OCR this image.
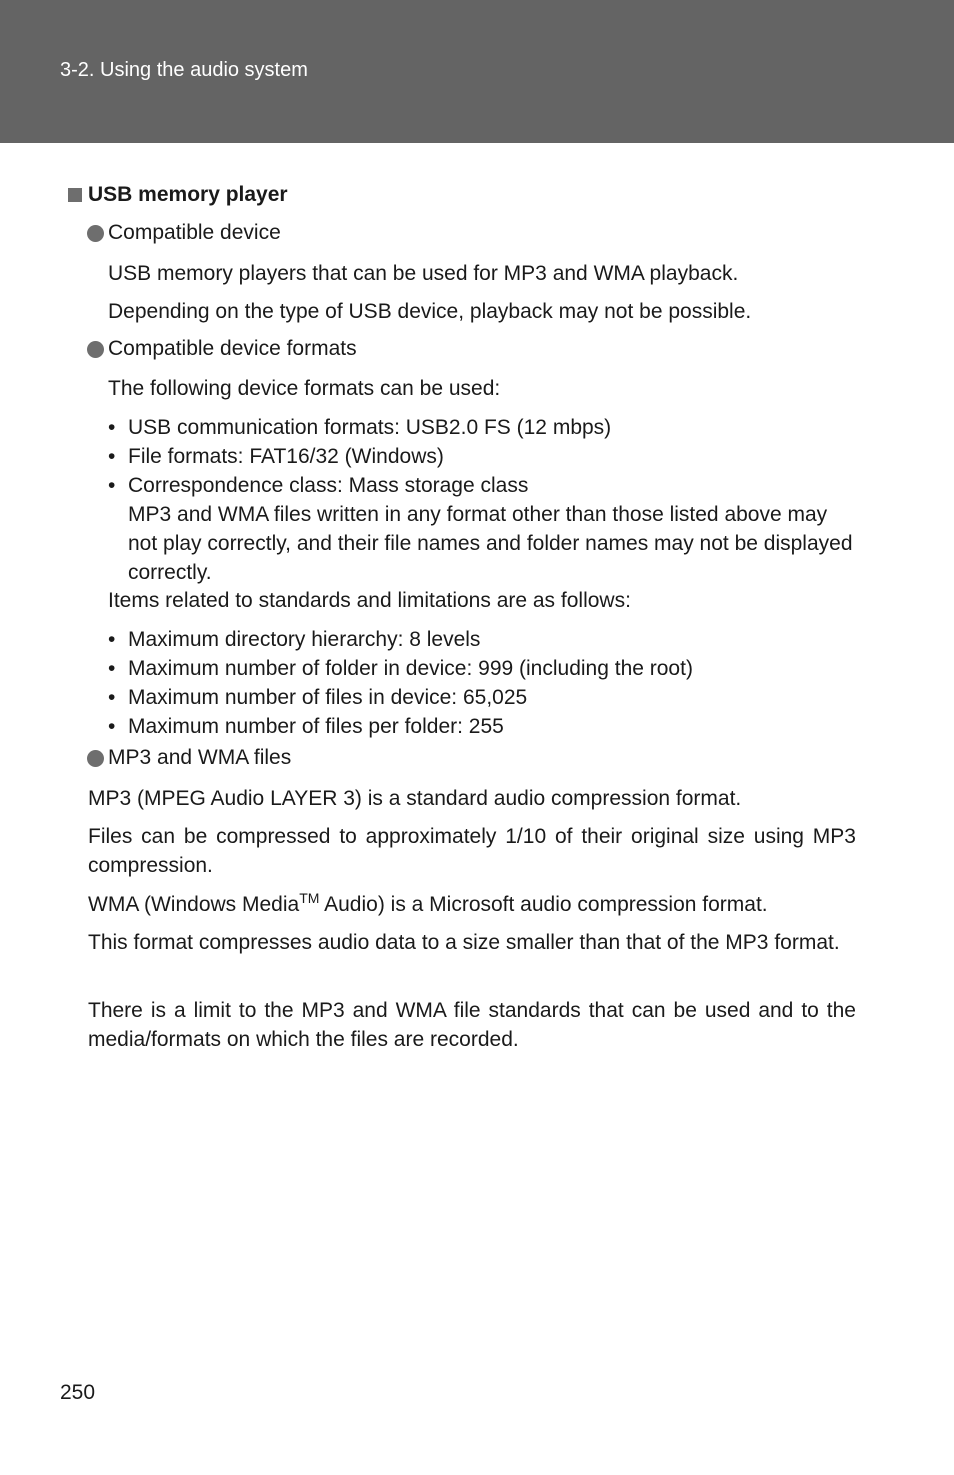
3-2. Using the audio system
USB memory player
Compatible device
USB memory players that can be used for MP3 and WMA playback.
Depending on the type of USB device, playback may not be possible.
Compatible device formats
The following device formats can be used:
• USB communication formats: USB2.0 FS (12 mbps)
• File formats: FAT16/32 (Windows)
• Correspondence class: Mass storage class
MP3 and WMA files written in any format other than those listed above may not play correctly, and their file names and folder names may not be displayed correctly.
Items related to standards and limitations are as follows:
• Maximum directory hierarchy: 8 levels
• Maximum number of folder in device: 999 (including the root)
• Maximum number of files in device: 65,025
• Maximum number of files per folder: 255
MP3 and WMA files
MP3 (MPEG Audio LAYER 3) is a standard audio compression format.
Files can be compressed to approximately 1/10 of their original size using MP3 compression.
WMA (Windows Media™ Audio) is a Microsoft audio compression format.
This format compresses audio data to a size smaller than that of the MP3 format.
There is a limit to the MP3 and WMA file standards that can be used and to the media/formats on which the files are recorded.
250
